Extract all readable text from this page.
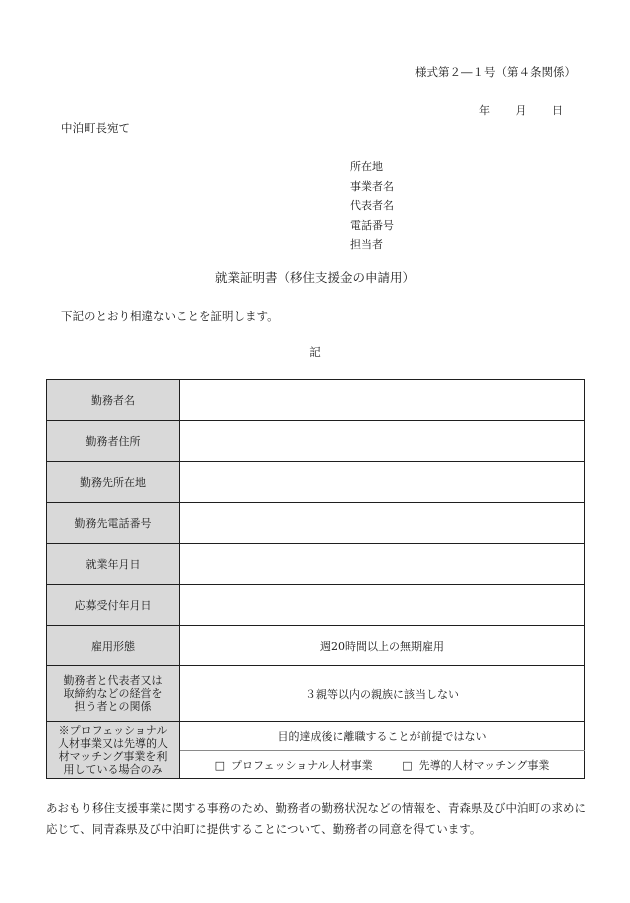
様式第２―１号（第４条関係）
年 月 日
中泊町長宛て
所在地
事業者名
代表者名
電話番号
担当者
就業証明書（移住支援金の申請用）
下記のとおり相違ないことを証明します。
記
勤務者名	
勤務者住所	
勤務先所在地	
勤務先電話番号	
就業年月日	
応募受付年月日	
雇用形態	週20時間以上の無期雇用

勤務者と代表者又は
取締約などの経営を
担う者との関係	３親等以内の親族に該当しない

※プロフェッショナル
人材事業又は先導的人
材マッチング事業を利
用している場合のみ	目的達成後に離職することが前提ではない
	□ プロフェッショナル人材事業 □ 先導的人材マッチング事業
あおもり移住支援事業に関する事務のため、勤務者の勤務状況などの情報を、青森県及び中泊町の求めに応じて、同青森県及び中泊町に提供することについて、勤務者の同意を得ています。
